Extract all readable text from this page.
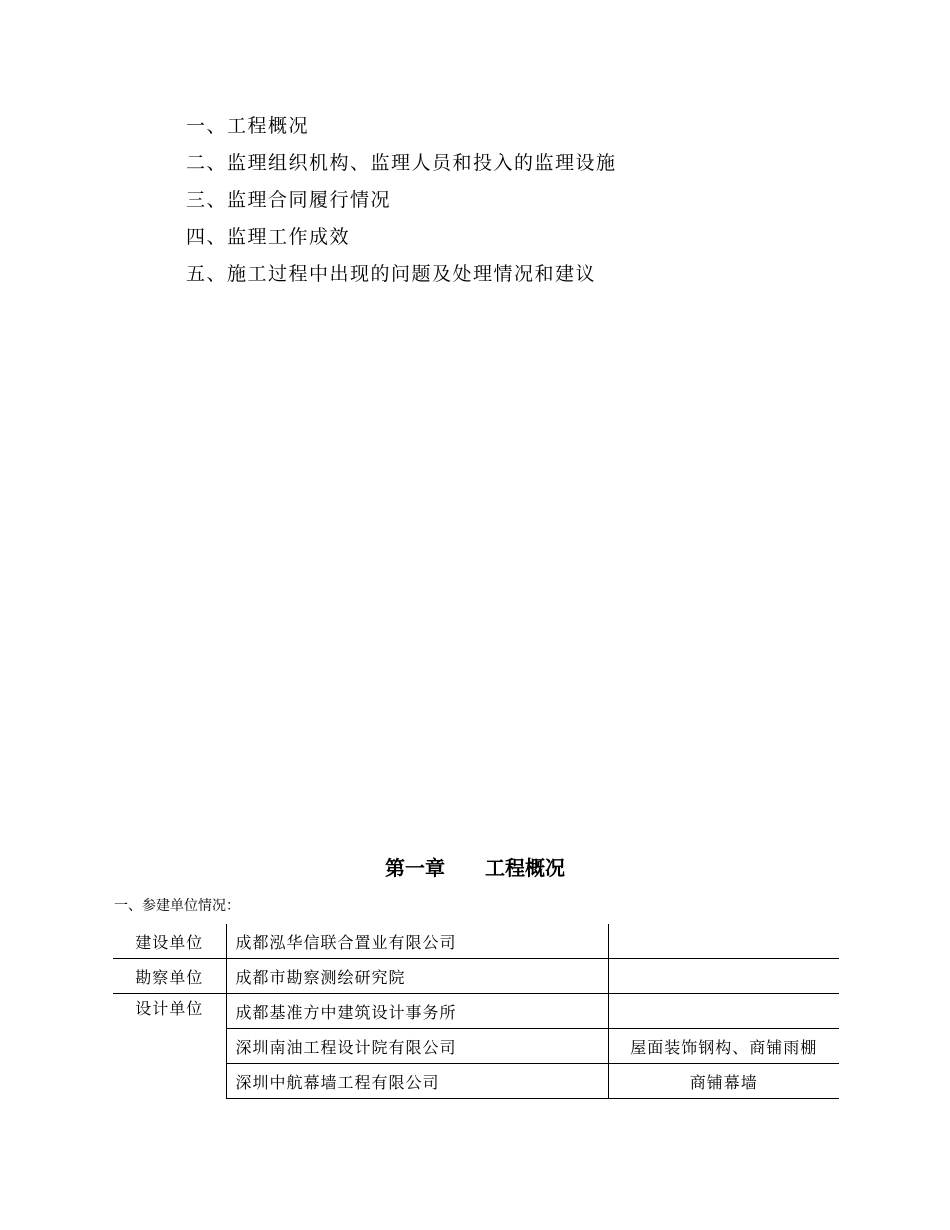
一、工程概况
二、监理组织机构、监理人员和投入的监理设施
三、监理合同履行情况
四、监理工作成效
五、施工过程中出现的问题及处理情况和建议
第一章　　工程概况
一、参建单位情况：
建设单位	成都泓华信联合置业有限公司	
勘察单位	成都市勘察测绘研究院	
设计单位	成都基准方中建筑设计事务所	
	深圳南油工程设计院有限公司	屋面装饰钢构、商铺雨棚
	深圳中航幕墙工程有限公司	商铺幕墙
